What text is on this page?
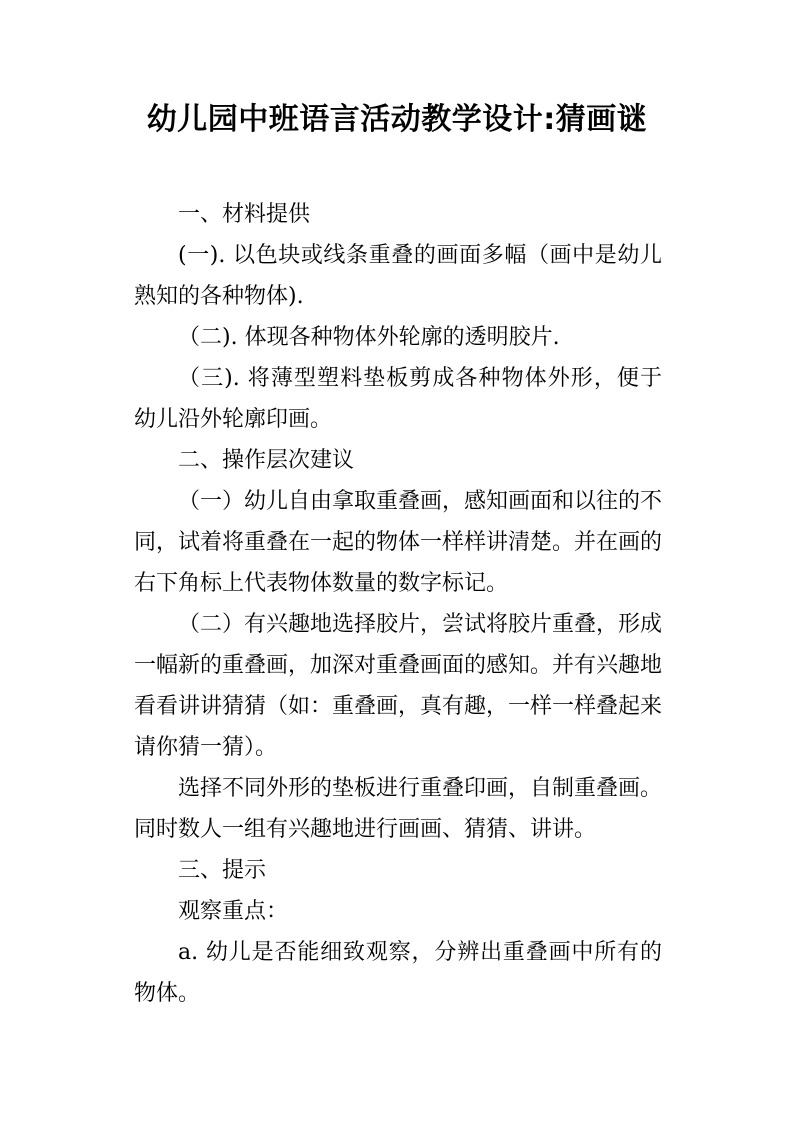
幼儿园中班语言活动教学设计:猜画谜

一、材料提供

(一). 以色块或线条重叠的画面多幅（画中是幼儿熟知的各种物体).

（二). 体现各种物体外轮廓的透明胶片.

（三). 将薄型塑料垫板剪成各种物体外形，便于幼儿沿外轮廓印画。

二、操作层次建议

（一）幼儿自由拿取重叠画，感知画面和以往的不同，试着将重叠在一起的物体一样样讲清楚。并在画的右下角标上代表物体数量的数字标记。

（二）有兴趣地选择胶片，尝试将胶片重叠，形成一幅新的重叠画，加深对重叠画面的感知。并有兴趣地看看讲讲猜猜（如：重叠画，真有趣，一样一样叠起来请你猜一猜）。

选择不同外形的垫板进行重叠印画，自制重叠画。同时数人一组有兴趣地进行画画、猜猜、讲讲。

三、提示

观察重点：

a. 幼儿是否能细致观察，分辨出重叠画中所有的物体。
